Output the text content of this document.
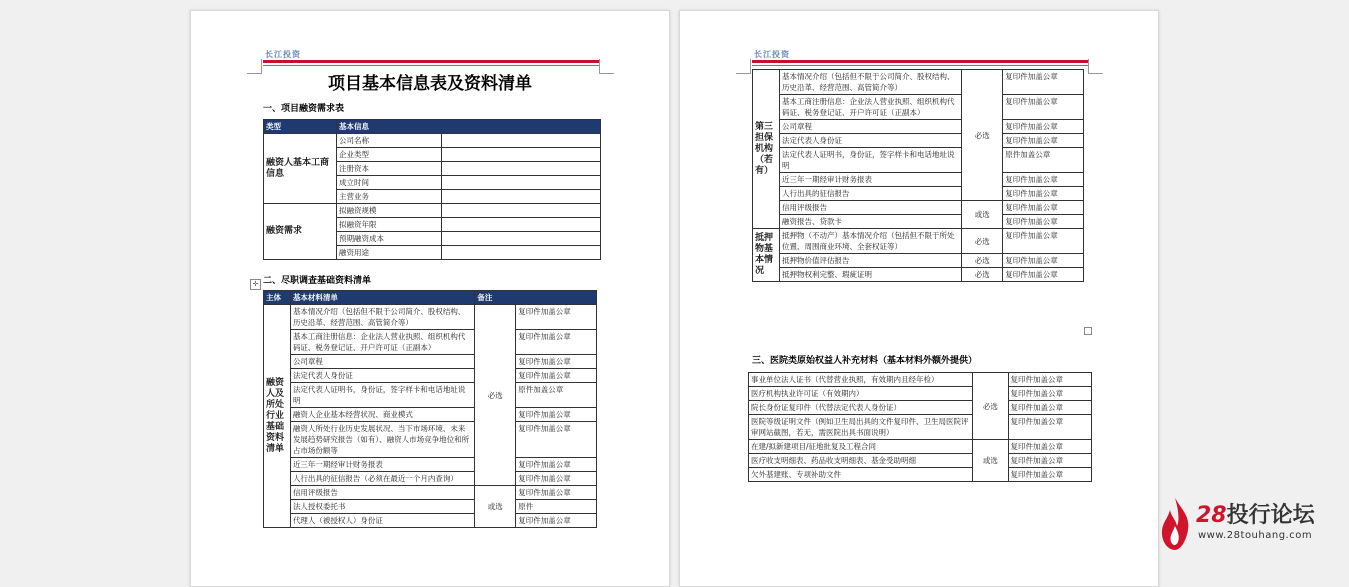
长江投资
项目基本信息表及资料清单
一、项目融资需求表
类型	基本信息	
融资人基本工商信息	公司名称	
	企业类型	
	注册资本	
	成立时间	
	主营业务	
融资需求	拟融资规模	
	拟融资年限	
	预期融资成本	
	融资用途	
✛ 二、尽职调查基础资料清单
主体	基本材料清单	备注	
融资人及所处行业基础资料清单	基本情况介绍（包括但不限于公司简介、股权结构、历史沿革、经营范围、高管简介等）	必选	复印件加盖公章
	基本工商注册信息：企业法人营业执照、组织机构代码证、税务登记证、开户许可证（正副本）		复印件加盖公章
	公司章程		复印件加盖公章
	法定代表人身份证		复印件加盖公章
	法定代表人证明书，身份证，签字样卡和电话地址说明		原件加盖公章
	融资人企业基本经营状况、商业模式		复印件加盖公章
	融资人所处行业历史发展状况、当下市场环境、未来发展趋势研究报告（如有）、融资人市场竞争地位和所占市场份额等		复印件加盖公章
	近三年一期经审计财务报表		复印件加盖公章
	人行出具的征信报告（必须在最近一个月内查询）		复印件加盖公章
	信用评级报告	或选	复印件加盖公章
	法人授权委托书		原件
	代理人（被授权人）身份证		复印件加盖公章
长江投资
第三担保机构（若有）	基本情况介绍（包括但不限于公司简介、股权结构、历史沿革、经营范围、高管简介等）	必选	复印件加盖公章
	基本工商注册信息：企业法人营业执照、组织机构代码证、税务登记证、开户许可证（正副本）		复印件加盖公章
	公司章程		复印件加盖公章
	法定代表人身份证		复印件加盖公章
	法定代表人证明书，身份证，签字样卡和电话地址说明		原件加盖公章
	近三年一期经审计财务报表		复印件加盖公章
	人行出具的征信报告		复印件加盖公章
	信用评级报告	或选	复印件加盖公章
	融资报告、贷款卡		复印件加盖公章
抵押物基本情况	抵押物（不动产）基本情况介绍（包括但不限于所处位置、周围商业环境、全套权证等）	必选	复印件加盖公章
	抵押物价值评估报告	必选	复印件加盖公章
	抵押物权利完整、瑕疵证明	必选	复印件加盖公章
三、医院类原始权益人补充材料（基本材料外额外提供）
事业单位法人证书（代替营业执照，有效期内且经年检）	必选	复印件加盖公章
医疗机构执业许可证（有效期内）		复印件加盖公章
院长身份证复印件（代替法定代表人身份证）		复印件加盖公章
医院等级证明文件（例如卫生局出具的文件复印件、卫生局医院评审网站截图，若无，需医院出具书面说明）		复印件加盖公章
在建/拟新建项目/征地批复及工程合同	或选	复印件加盖公章
医疗收支明细表、药品收支明细表、基金受助明细		复印件加盖公章
欠外基建账、专项补助文件		复印件加盖公章
28投行论坛
www.28touhang.com
